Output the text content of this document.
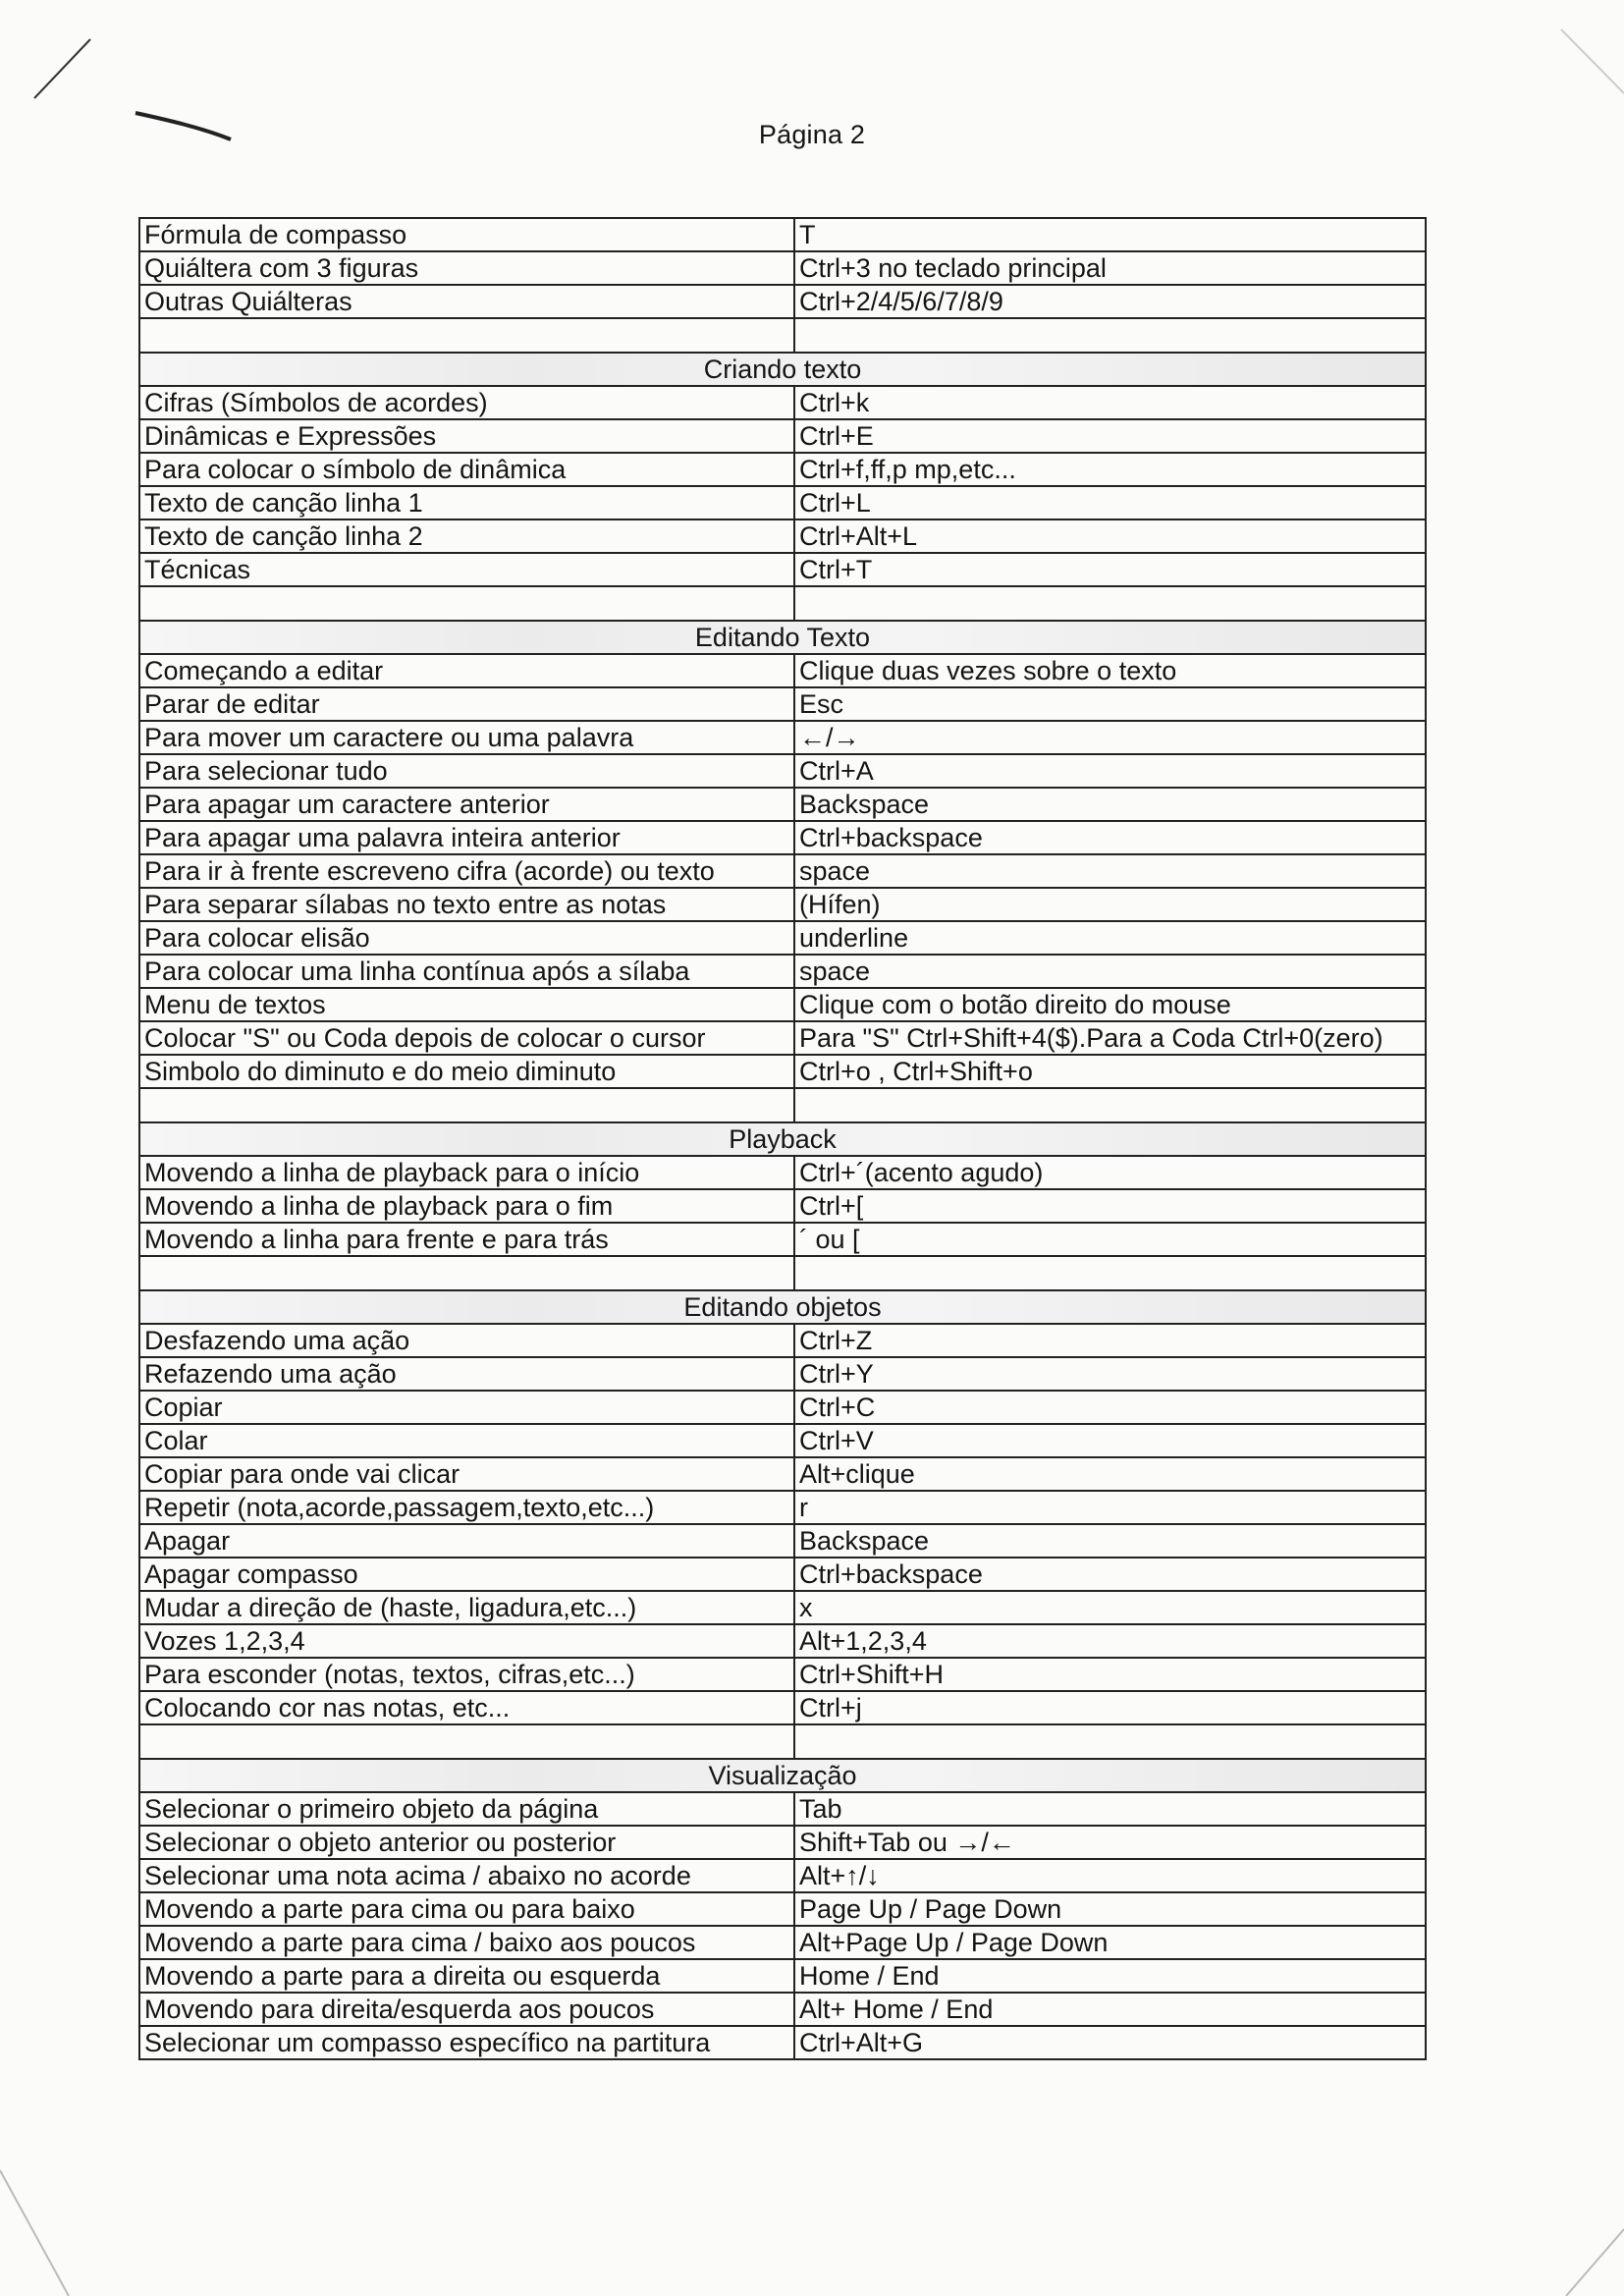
Página 2
Fórmula de compasso	T
Quiáltera com 3 figuras	Ctrl+3 no teclado principal
Outras Quiálteras	Ctrl+2/4/5/6/7/8/9

Criando texto	
Cifras (Símbolos de acordes)	Ctrl+k
Dinâmicas e Expressões	Ctrl+E
Para colocar o símbolo de dinâmica	Ctrl+f,ff,p mp,etc...
Texto de canção linha 1	Ctrl+L
Texto de canção linha 2	Ctrl+Alt+L
Técnicas	Ctrl+T

Editando Texto	
Começando a editar	Clique duas vezes sobre o texto
Parar de editar	Esc
Para mover um caractere ou uma palavra	←/→
Para selecionar tudo	Ctrl+A
Para apagar um caractere anterior	Backspace
Para apagar uma palavra inteira anterior	Ctrl+backspace
Para ir à frente escreveno cifra (acorde) ou texto	space
Para separar sílabas no texto entre as notas	(Hífen)
Para colocar elisão	underline
Para colocar uma linha contínua após a sílaba	space
Menu de textos	Clique com o botão direito do mouse
Colocar "S" ou Coda depois de colocar o cursor	Para "S" Ctrl+Shift+4($).Para a Coda Ctrl+0(zero)
Simbolo do diminuto e do meio diminuto	Ctrl+o , Ctrl+Shift+o

Playback	
Movendo a linha de playback para o início	Ctrl+´(acento agudo)
Movendo a linha de playback para o fim	Ctrl+[
Movendo a linha para frente e para trás	´ ou [

Editando objetos	
Desfazendo uma ação	Ctrl+Z
Refazendo uma ação	Ctrl+Y
Copiar	Ctrl+C
Colar	Ctrl+V
Copiar para onde vai clicar	Alt+clique
Repetir (nota,acorde,passagem,texto,etc...)	r
Apagar	Backspace
Apagar compasso	Ctrl+backspace
Mudar a direção de (haste, ligadura,etc...)	x
Vozes 1,2,3,4	Alt+1,2,3,4
Para esconder (notas, textos, cifras,etc...)	Ctrl+Shift+H
Colocando cor nas notas, etc...	Ctrl+j

Visualização	
Selecionar o primeiro objeto da página	Tab
Selecionar o objeto anterior ou posterior	Shift+Tab ou →/←
Selecionar uma nota acima / abaixo no acorde	Alt+↑/↓
Movendo a parte para cima ou para baixo	Page Up / Page Down
Movendo a parte para cima / baixo aos poucos	Alt+Page Up / Page Down
Movendo a parte para a direita ou esquerda	Home / End
Movendo para direita/esquerda aos poucos	Alt+ Home / End
Selecionar um compasso específico na partitura	Ctrl+Alt+G
